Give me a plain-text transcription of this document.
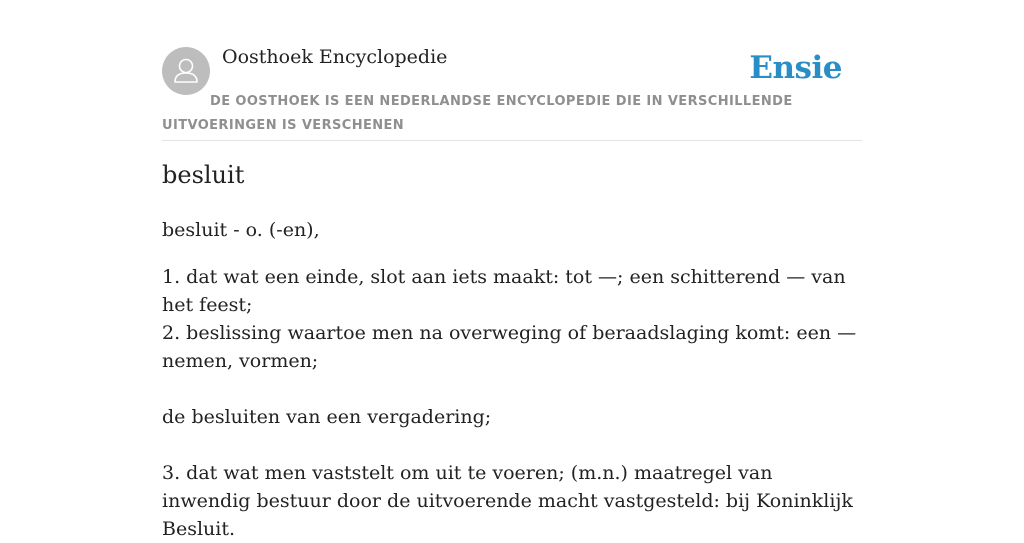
Oosthoek Encyclopedie	Ensie
DE OOSTHOEK IS EEN NEDERLANDSE ENCYCLOPEDIE DIE IN VERSCHILLENDE UITVOERINGEN IS VERSCHENEN
besluit

besluit - o. (-en),

1. dat wat een einde, slot aan iets maakt: tot —; een schitterend — van het feest;

2. beslissing waartoe men na overweging of beraadslaging komt: een — nemen, vormen;

de besluiten van een vergadering;

3. dat wat men vaststelt om uit te voeren; (m.n.) maatregel van inwendig bestuur door de uitvoerende macht vastgesteld: bij Koninklijk Besluit.
